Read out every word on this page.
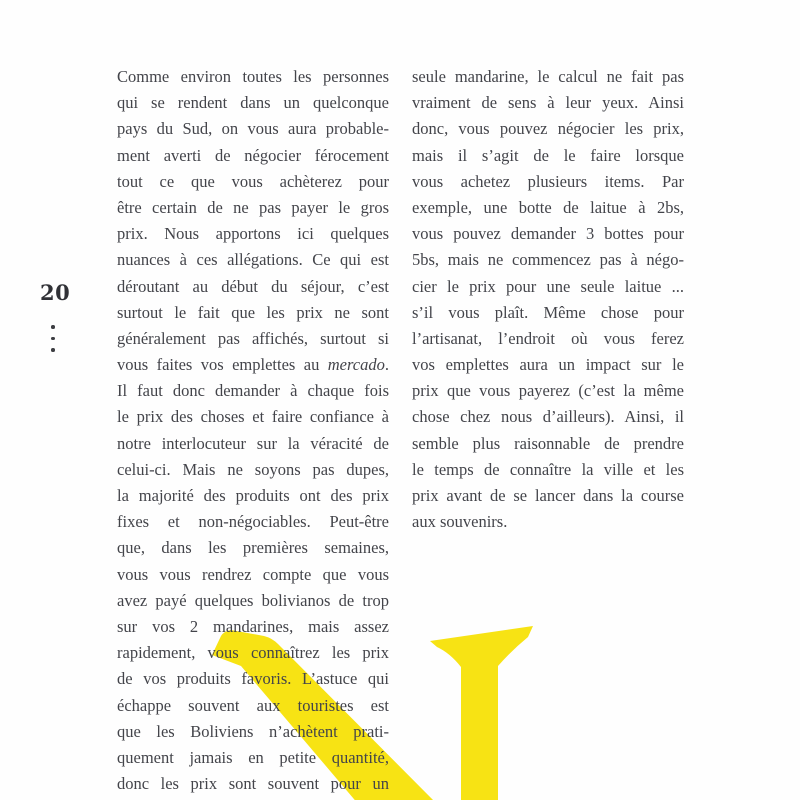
20
Comme environ toutes les personnes
qui se rendent dans un quelconque
pays du Sud, on vous aura probable-
ment averti de négocier férocement
tout ce que vous achèterez pour
être certain de ne pas payer le gros
prix. Nous apportons ici quelques
nuances à ces allégations. Ce qui est
déroutant au début du séjour, c’est
surtout le fait que les prix ne sont
généralement pas affichés, surtout si
vous faites vos emplettes au mercado.
Il faut donc demander à chaque fois
le prix des choses et faire confiance à
notre interlocuteur sur la véracité de
celui-ci. Mais ne soyons pas dupes,
la majorité des produits ont des prix
fixes et non-négociables. Peut-être
que, dans les premières semaines,
vous vous rendrez compte que vous
avez payé quelques bolivianos de trop
sur vos 2 mandarines, mais assez
rapidement, vous connaîtrez les prix
de vos produits favoris. L’astuce qui
échappe souvent aux touristes est
que les Boliviens n’achètent prati-
quement jamais en petite quantité,
donc les prix sont souvent pour un
seule mandarine, le calcul ne fait pas
vraiment de sens à leur yeux. Ainsi
donc, vous pouvez négocier les prix,
mais il s’agit de le faire lorsque
vous achetez plusieurs items. Par
exemple, une botte de laitue à 2bs,
vous pouvez demander 3 bottes pour
5bs, mais ne commencez pas à négo-
cier le prix pour une seule laitue ...
s’il vous plaît. Même chose pour
l’artisanat, l’endroit où vous ferez
vos emplettes aura un impact sur le
prix que vous payerez (c’est la même
chose chez nous d’ailleurs). Ainsi, il
semble plus raisonnable de prendre
le temps de connaître la ville et les
prix avant de se lancer dans la course
aux souvenirs.
